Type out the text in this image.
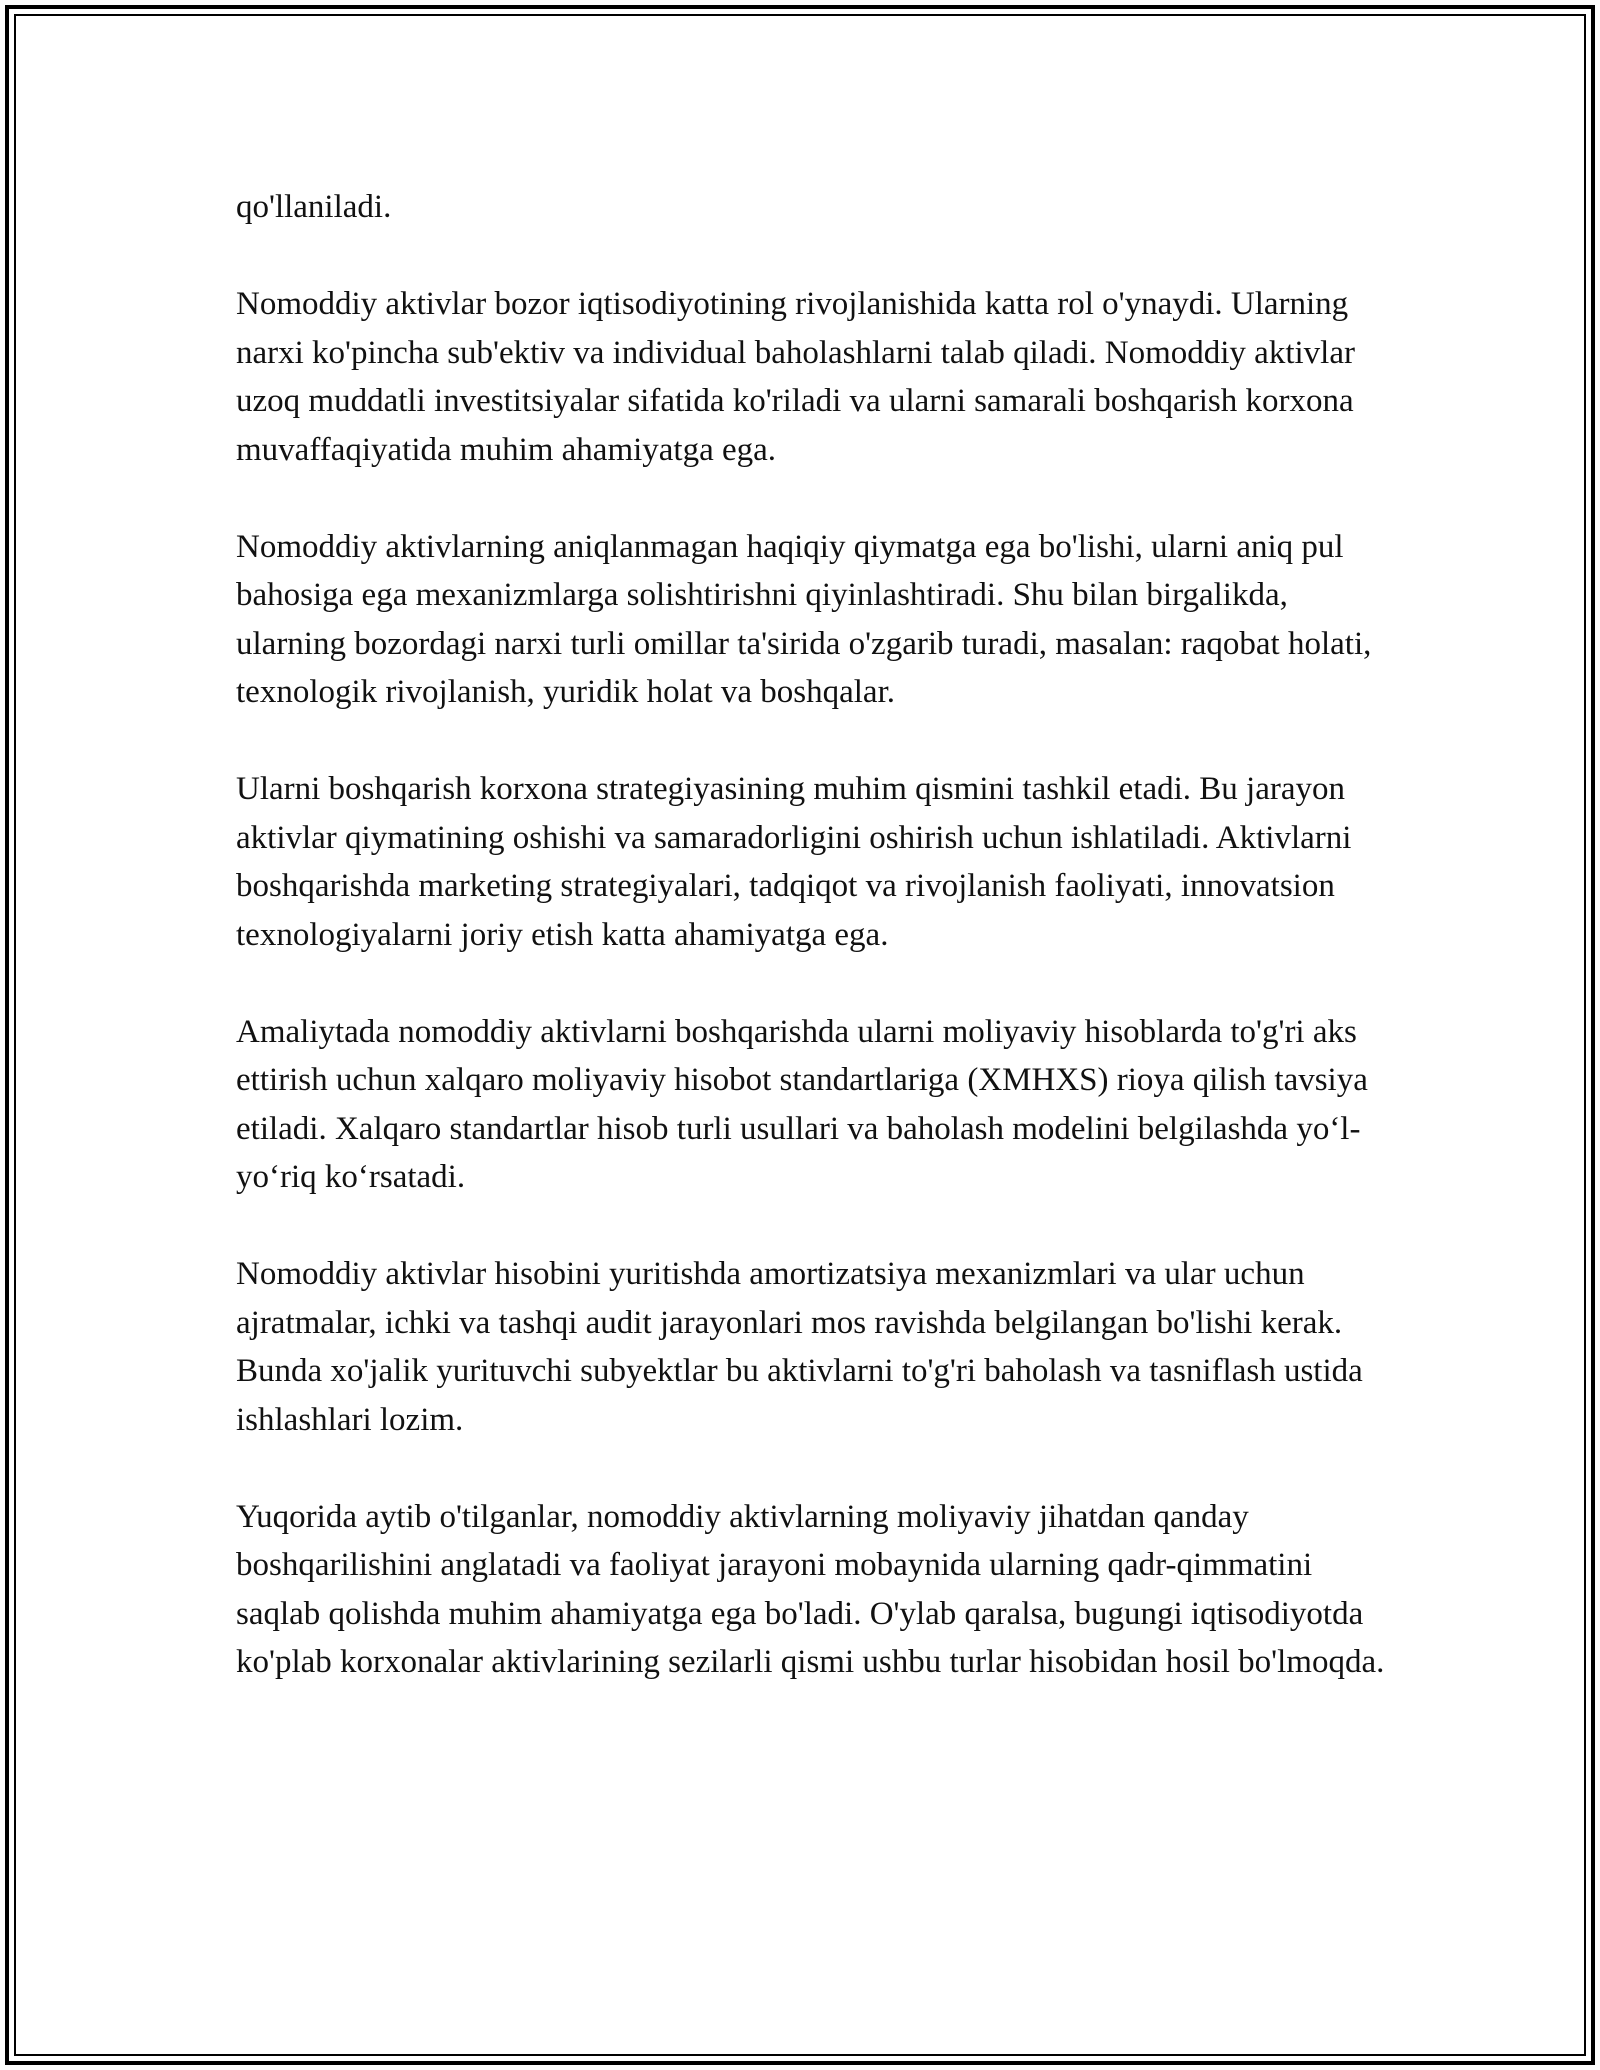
qo'llaniladi.

Nomoddiy aktivlar bozor iqtisodiyotining rivojlanishida katta rol o'ynaydi. Ularning narxi ko'pincha sub'ektiv va individual baholashlarni talab qiladi. Nomoddiy aktivlar uzoq muddatli investitsiyalar sifatida ko'riladi va ularni samarali boshqarish korxona muvaffaqiyatida muhim ahamiyatga ega.

Nomoddiy aktivlarning aniqlanmagan haqiqiy qiymatga ega bo'lishi, ularni aniq pul bahosiga ega mexanizmlarga solishtirishni qiyinlashtiradi. Shu bilan birgalikda, ularning bozordagi narxi turli omillar ta'sirida o'zgarib turadi, masalan: raqobat holati, texnologik rivojlanish, yuridik holat va boshqalar.

Ularni boshqarish korxona strategiyasining muhim qismini tashkil etadi. Bu jarayon aktivlar qiymatining oshishi va samaradorligini oshirish uchun ishlatiladi. Aktivlarni boshqarishda marketing strategiyalari, tadqiqot va rivojlanish faoliyati, innovatsion texnologiyalarni joriy etish katta ahamiyatga ega.

Amaliytada nomoddiy aktivlarni boshqarishda ularni moliyaviy hisoblarda to'g'ri aks ettirish uchun xalqaro moliyaviy hisobot standartlariga (XMHXS) rioya qilish tavsiya etiladi. Xalqaro standartlar hisob turli usullari va baholash modelini belgilashda yo‘l-yo‘riq ko‘rsatadi.

Nomoddiy aktivlar hisobini yuritishda amortizatsiya mexanizmlari va ular uchun ajratmalar, ichki va tashqi audit jarayonlari mos ravishda belgilangan bo'lishi kerak. Bunda xo'jalik yurituvchi subyektlar bu aktivlarni to'g'ri baholash va tasniflash ustida ishlashlari lozim.

Yuqorida aytib o'tilganlar, nomoddiy aktivlarning moliyaviy jihatdan qanday boshqarilishini anglatadi va faoliyat jarayoni mobaynida ularning qadr-qimmatini saqlab qolishda muhim ahamiyatga ega bo'ladi. O'ylab qaralsa, bugungi iqtisodiyotda ko'plab korxonalar aktivlarining sezilarli qismi ushbu turlar hisobidan hosil bo'lmoqda.
